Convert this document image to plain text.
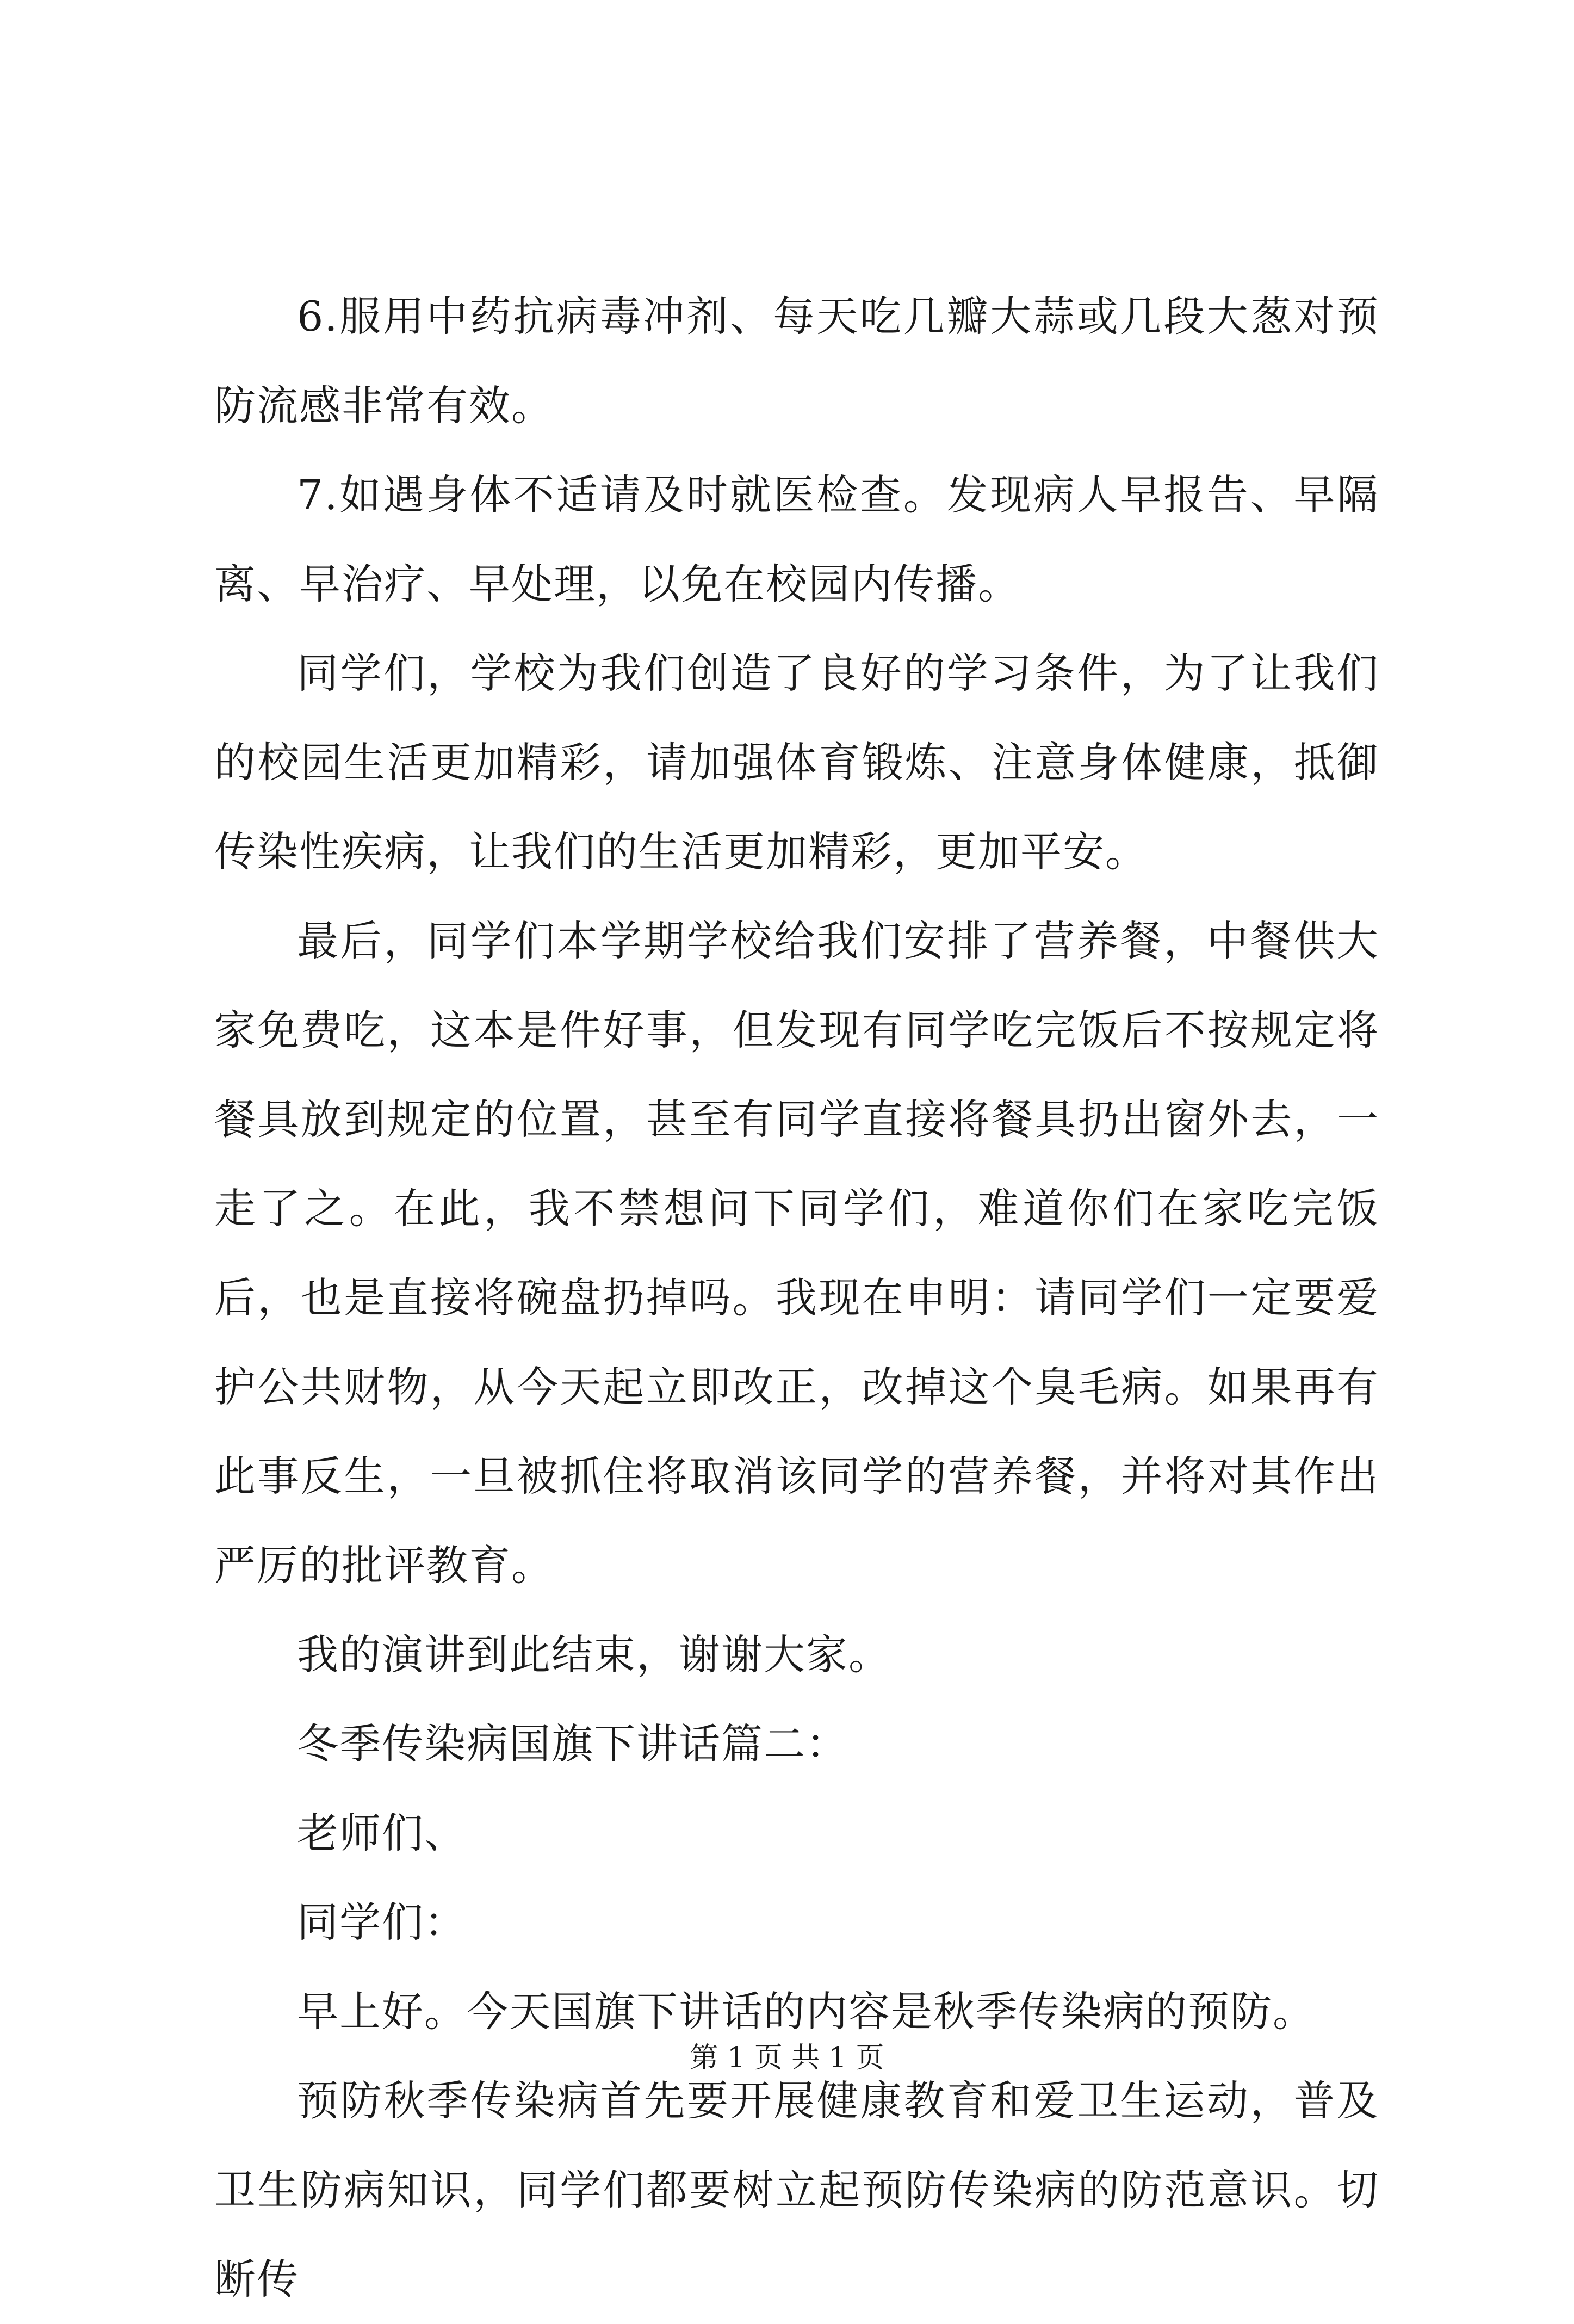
6.服用中药抗病毒冲剂、每天吃几瓣大蒜或几段大葱对预防流感非常有效。

7.如遇身体不适请及时就医检查。发现病人早报告、早隔离、早治疗、早处理，以免在校园内传播。

同学们，学校为我们创造了良好的学习条件，为了让我们的校园生活更加精彩，请加强体育锻炼、注意身体健康，抵御传染性疾病，让我们的生活更加精彩，更加平安。

最后，同学们本学期学校给我们安排了营养餐，中餐供大家免费吃，这本是件好事，但发现有同学吃完饭后不按规定将餐具放到规定的位置，甚至有同学直接将餐具扔出窗外去，一走了之。在此，我不禁想问下同学们，难道你们在家吃完饭后，也是直接将碗盘扔掉吗。我现在申明：请同学们一定要爱护公共财物，从今天起立即改正，改掉这个臭毛病。如果再有此事反生，一旦被抓住将取消该同学的营养餐，并将对其作出严厉的批评教育。

我的演讲到此结束，谢谢大家。

冬季传染病国旗下讲话篇二：

老师们、

同学们：

早上好。今天国旗下讲话的内容是秋季传染病的预防。

预防秋季传染病首先要开展健康教育和爱卫生运动，普及卫生防病知识，同学们都要树立起预防传染病的防范意识。切断传

第 1 页 共 1 页
